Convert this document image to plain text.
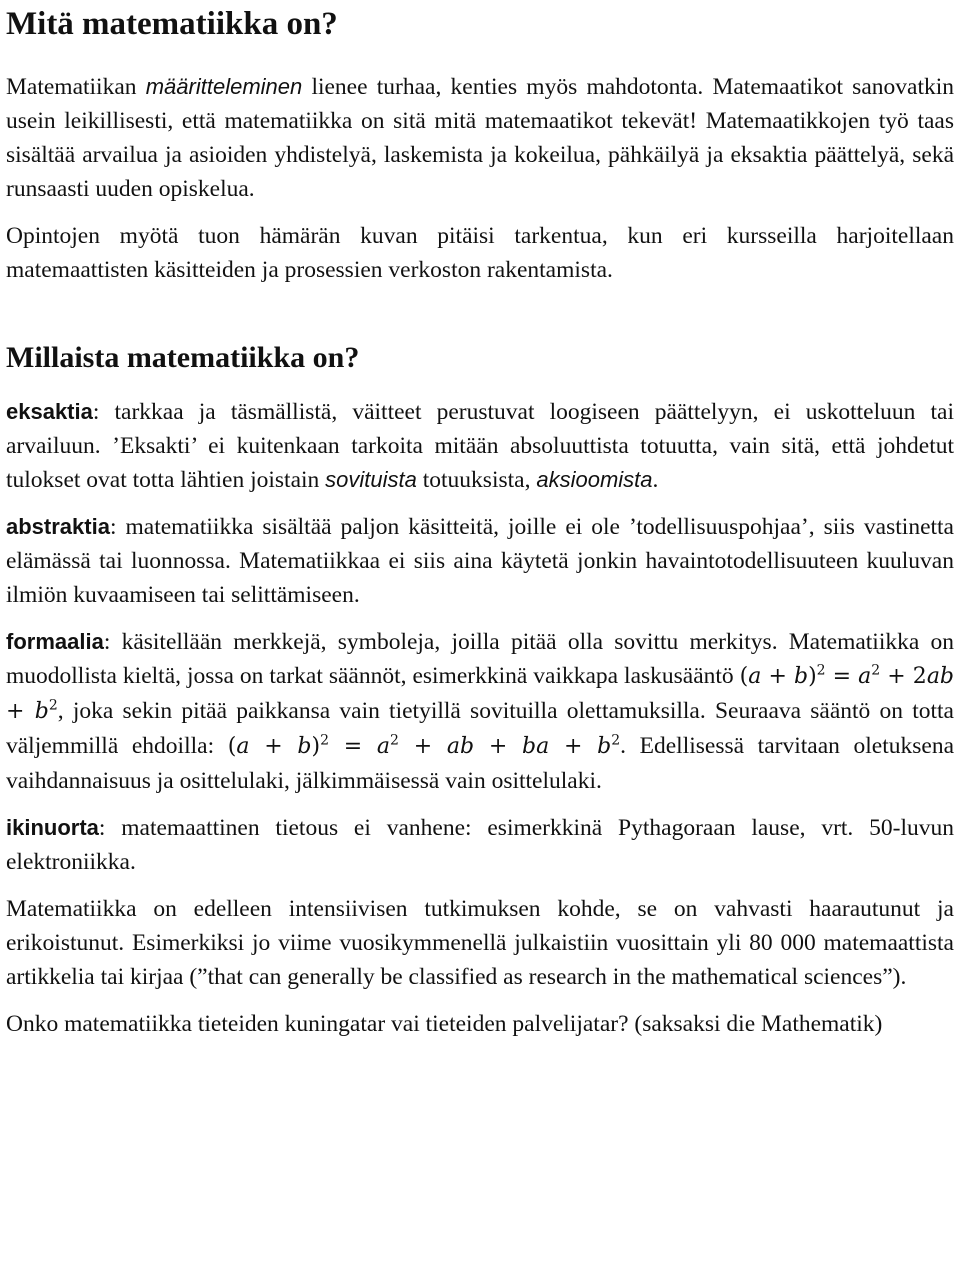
Mitä matematiikka on?

Matematiikan määritteleminen lienee turhaa, kenties myös mahdotonta. Matemaatikot sanovatkin usein leikillisesti, että matematiikka on sitä mitä matemaatikot tekevät! Matemaatikkojen työ taas sisältää arvailua ja asioiden yhdistelyä, laskemista ja kokeilua, pähkäilyä ja eksaktia päättelyä, sekä runsaasti uuden opiskelua.

Opintojen myötä tuon hämärän kuvan pitäisi tarkentua, kun eri kursseilla harjoitellaan matemaattisten käsitteiden ja prosessien verkoston rakentamista.

Millaista matematiikka on?

eksaktia: tarkkaa ja täsmällistä, väitteet perustuvat loogiseen päättelyyn, ei uskotteluun tai arvailuun. ’Eksakti’ ei kuitenkaan tarkoita mitään absoluuttista totuutta, vain sitä, että johdetut tulokset ovat totta lähtien joistain sovituista totuuksista, aksioomista.

abstraktia: matematiikka sisältää paljon käsitteitä, joille ei ole ’todellisuuspohjaa’, siis vastinetta elämässä tai luonnossa. Matematiikkaa ei siis aina käytetä jonkin havaintotodellisuuteen kuuluvan ilmiön kuvaamiseen tai selittämiseen.

formaalia: käsitellään merkkejä, symboleja, joilla pitää olla sovittu merkitys. Matematiikka on muodollista kieltä, jossa on tarkat säännöt, esimerkkinä vaikkapa laskusääntö $(a + b)^2 = a^2 + 2ab + b^2$, joka sekin pitää paikkansa vain tietyillä sovituilla olettamuksilla. Seuraava sääntö on totta väljemmillä ehdoilla: $(a + b)^2 = a^2$ + ab + ba + $b^2$. Edellisessä tarvitaan oletuksena vaihdannaisuus ja osittelulaki, jälkimmäisessä vain osittelulaki.

ikinuorta: matemaattinen tietous ei vanhene: esimerkkinä Pythagoraan lause, vrt. 50-luvun elektroniikka.

Matematiikka on edelleen intensiivisen tutkimuksen kohde, se on vahvasti haarautunut ja erikoistunut. Esimerkiksi jo viime vuosikymmenellä julkaistiin vuosittain yli 80 000 matemaattista artikkelia tai kirjaa (”that can generally be classified as research in the mathematical sciences”).

Onko matematiikka tieteiden kuningatar vai tieteiden palvelijatar? (saksaksi die Mathematik)
